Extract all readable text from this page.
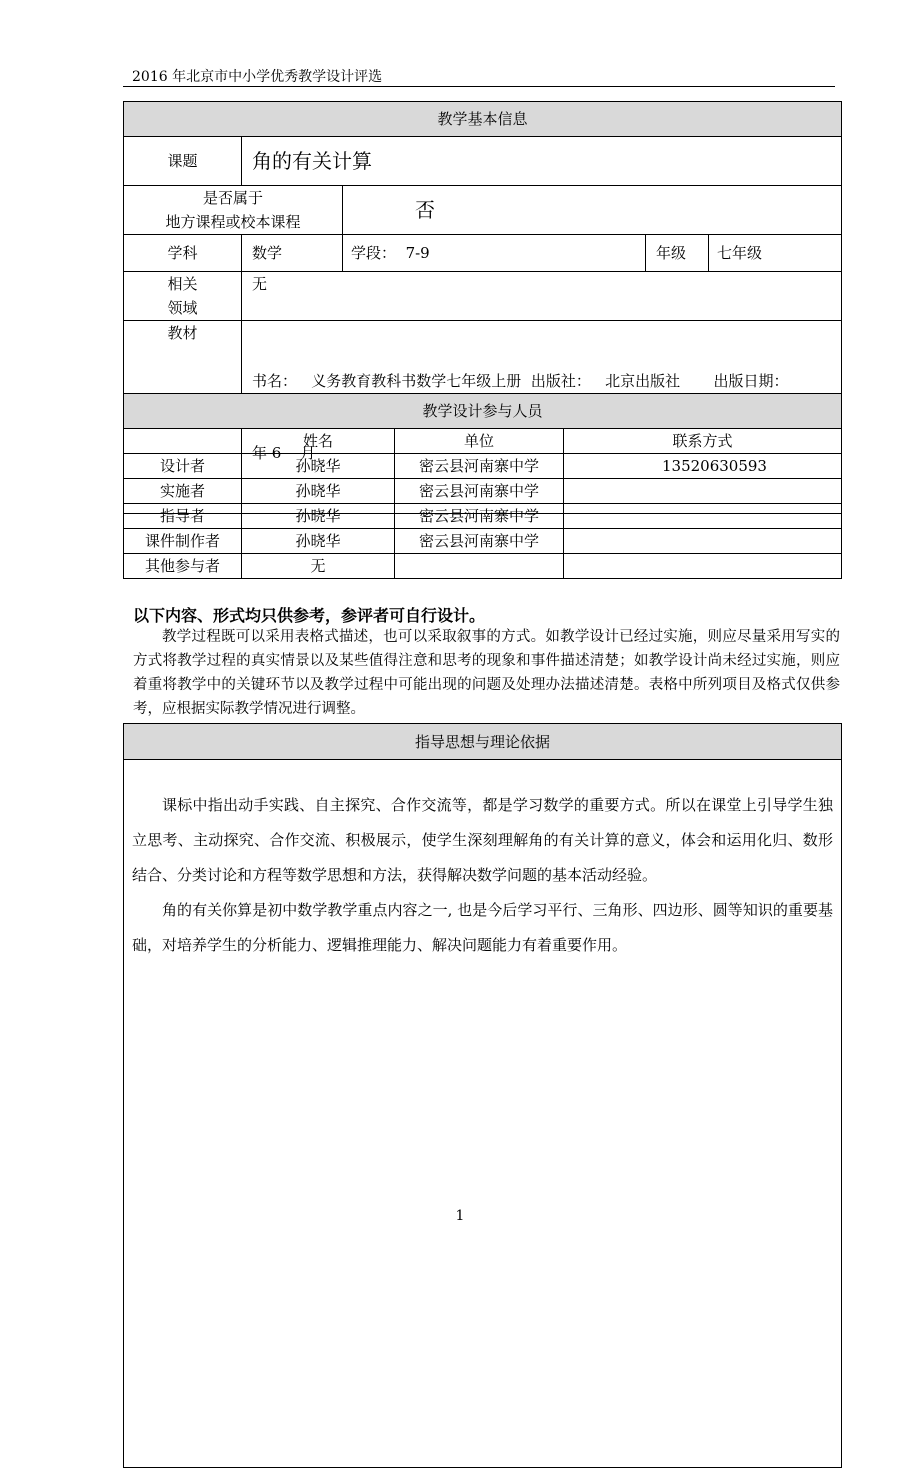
2016 年北京市中小学优秀教学设计评选
教学基本信息				
课题	角的有关计算			

是否属于
地方课程或校本课程		否		
学科	数学	学段： 7-9	年级	七年级

相关
领域	无			
教材	书名：   义务教育教科书数学七年级上册  出版社：   北京出版社       出版日期：

年 6    月			

教学设计参与人员			
	姓名	单位	联系方式
设计者	孙晓华	密云县河南寨中学	13520630593
实施者	孙晓华	密云县河南寨中学	
指导者	孙晓华	密云县河南寨中学	
课件制作者	孙晓华	密云县河南寨中学	
其他参与者	无		
以下内容、形式均只供参考，参评者可自行设计。

教学过程既可以采用表格式描述，也可以采取叙事的方式。如教学设计已经过实施，则应尽量采用写实的方式将教学过程的真实情景以及某些值得注意和思考的现象和事件描述清楚；如教学设计尚未经过实施，则应着重将教学中的关键环节以及教学过程中可能出现的问题及处理办法描述清楚。表格中所列项目及格式仅供参考，应根据实际教学情况进行调整。

指导思想与理论依据

课标中指出动手实践、自主探究、合作交流等，都是学习数学的重要方式。所以在课堂上引导学生独立思考、主动探究、合作交流、积极展示，使学生深刻理解角的有关计算的意义，体会和运用化归、数形结合、分类讨论和方程等数学思想和方法，获得解决数学问题的基本活动经验。

角的有关你算是初中数学教学重点内容之一, 也是今后学习平行、三角形、四边形、圆等知识的重要基础，对培养学生的分析能力、逻辑推理能力、解决问题能力有着重要作用。

1
